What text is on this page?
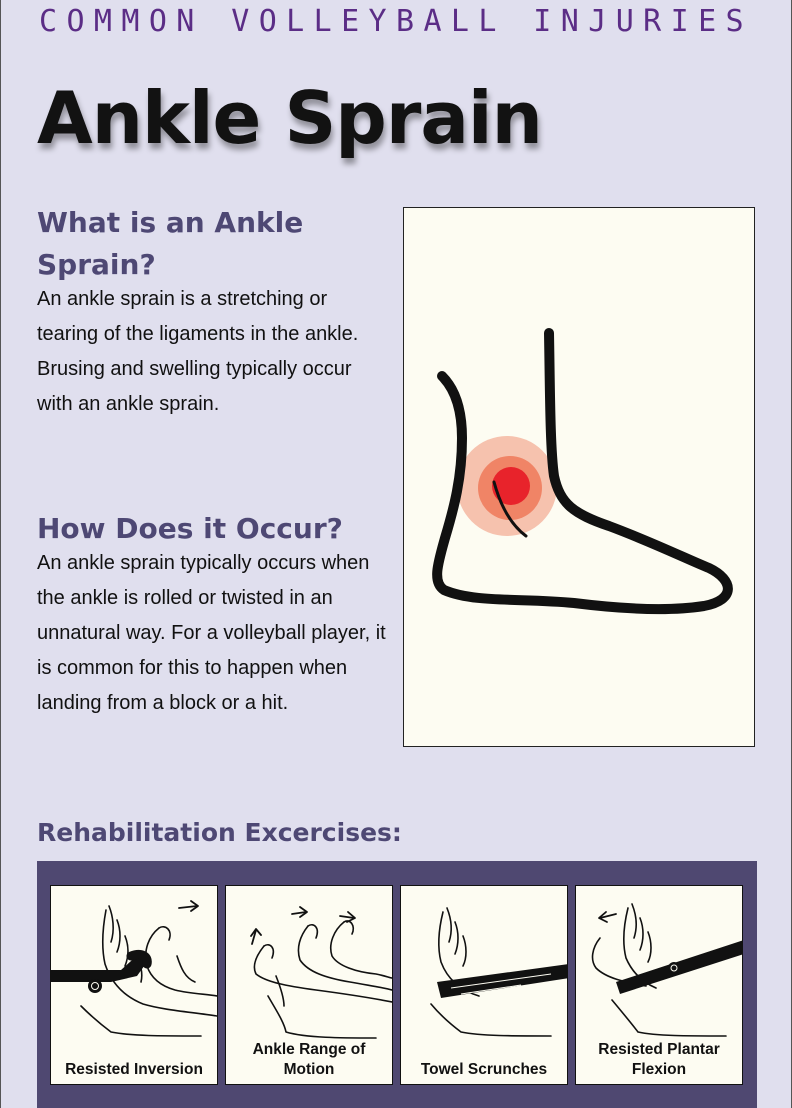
COMMON VOLLEYBALL INJURIES
Ankle Sprain
What is an Ankle Sprain?
An ankle sprain is a stretching or tearing of the ligaments in the ankle. Brusing and swelling typically occur with an ankle sprain.
How Does it Occur?
An ankle sprain typically occurs when the ankle is rolled or twisted in an unnatural way. For a volleyball player, it is common for this to happen when landing from a block or a hit.
Rehabilitation Excercises:
Resisted Inversion
Ankle Range of Motion	Towel Scrunches
Resisted Plantar Flexion
